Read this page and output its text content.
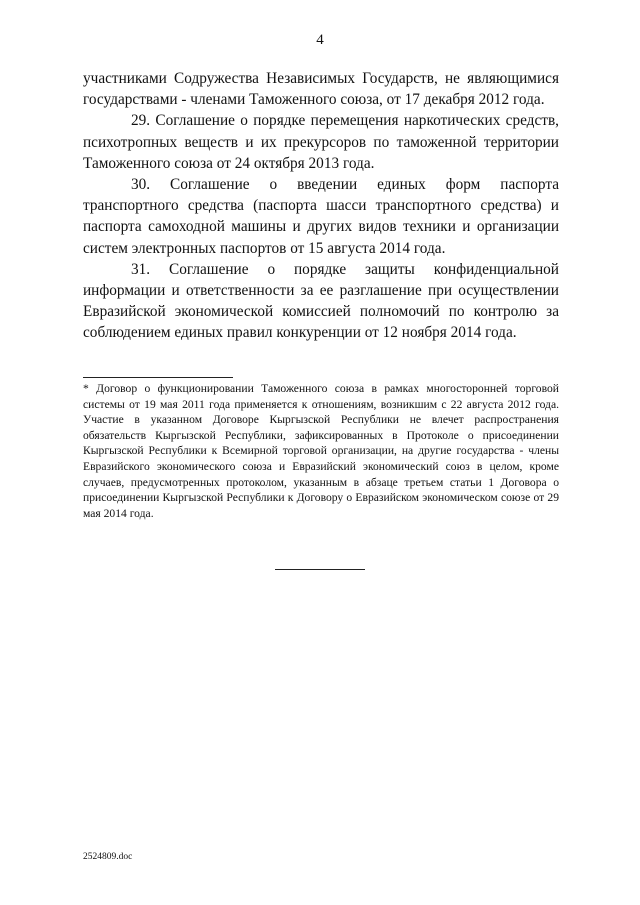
4

участниками Содружества Независимых Государств, не являющимися государствами - членами Таможенного союза, от 17 декабря 2012 года.

29. Соглашение о порядке перемещения наркотических средств, психотропных веществ и их прекурсоров по таможенной территории Таможенного союза от 24 октября 2013 года.

30. Соглашение о введении единых форм паспорта транспортного средства (паспорта шасси транспортного средства) и паспорта самоходной машины и других видов техники и организации систем электронных паспортов от 15 августа 2014 года.

31. Соглашение о порядке защиты конфиденциальной информации и ответственности за ее разглашение при осуществлении Евразийской экономической комиссией полномочий по контролю за соблюдением единых правил конкуренции от 12 ноября 2014 года.

* Договор о функционировании Таможенного союза в рамках многосторонней торговой системы от 19 мая 2011 года применяется к отношениям, возникшим с 22 августа 2012 года. Участие в указанном Договоре Кыргызской Республики не влечет распространения обязательств Кыргызской Республики, зафиксированных в Протоколе о присоединении Кыргызской Республики к Всемирной торговой организации, на другие государства - члены Евразийского экономического союза и Евразийский экономический союз в целом, кроме случаев, предусмотренных протоколом, указанным в абзаце третьем статьи 1 Договора о присоединении Кыргызской Республики к Договору о Евразийском экономическом союзе от 29 мая 2014 года.

2524809.doc
